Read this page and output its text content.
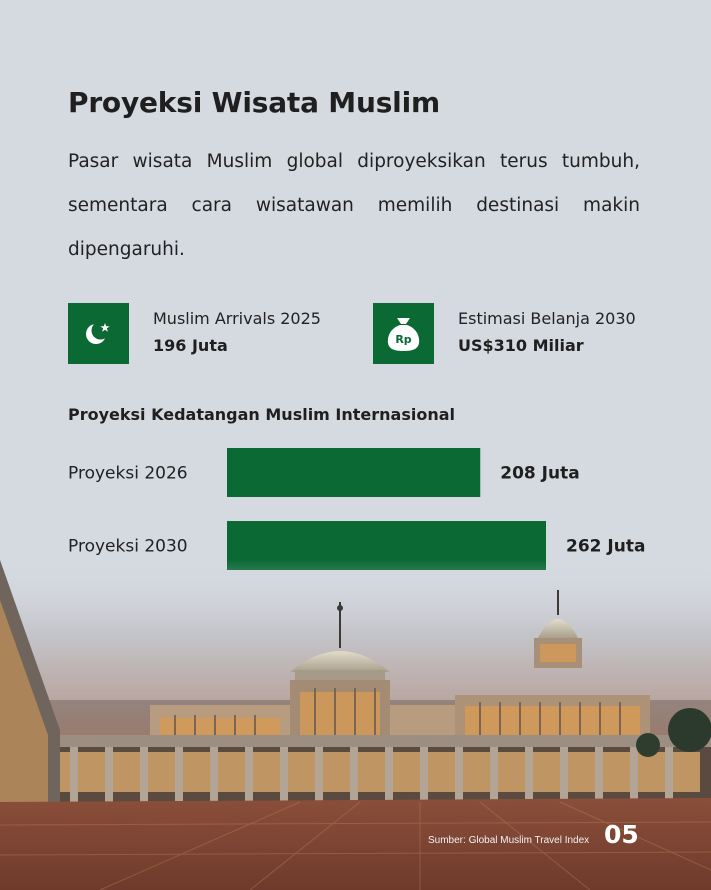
Proyeksi Wisata Muslim

Pasar wisata Muslim global diproyeksikan terus tumbuh, sementara cara wisatawan memilih destinasi makin dipengaruhi.

Muslim Arrivals 2025
196 Juta	Rp
Estimasi Belanja 2030
US$310 Miliar
Proyeksi Kedatangan Muslim Internasional
Proyeksi 2026	208 Juta
Proyeksi 2030	262 Juta
Sumber: Global Muslim Travel Index 05
